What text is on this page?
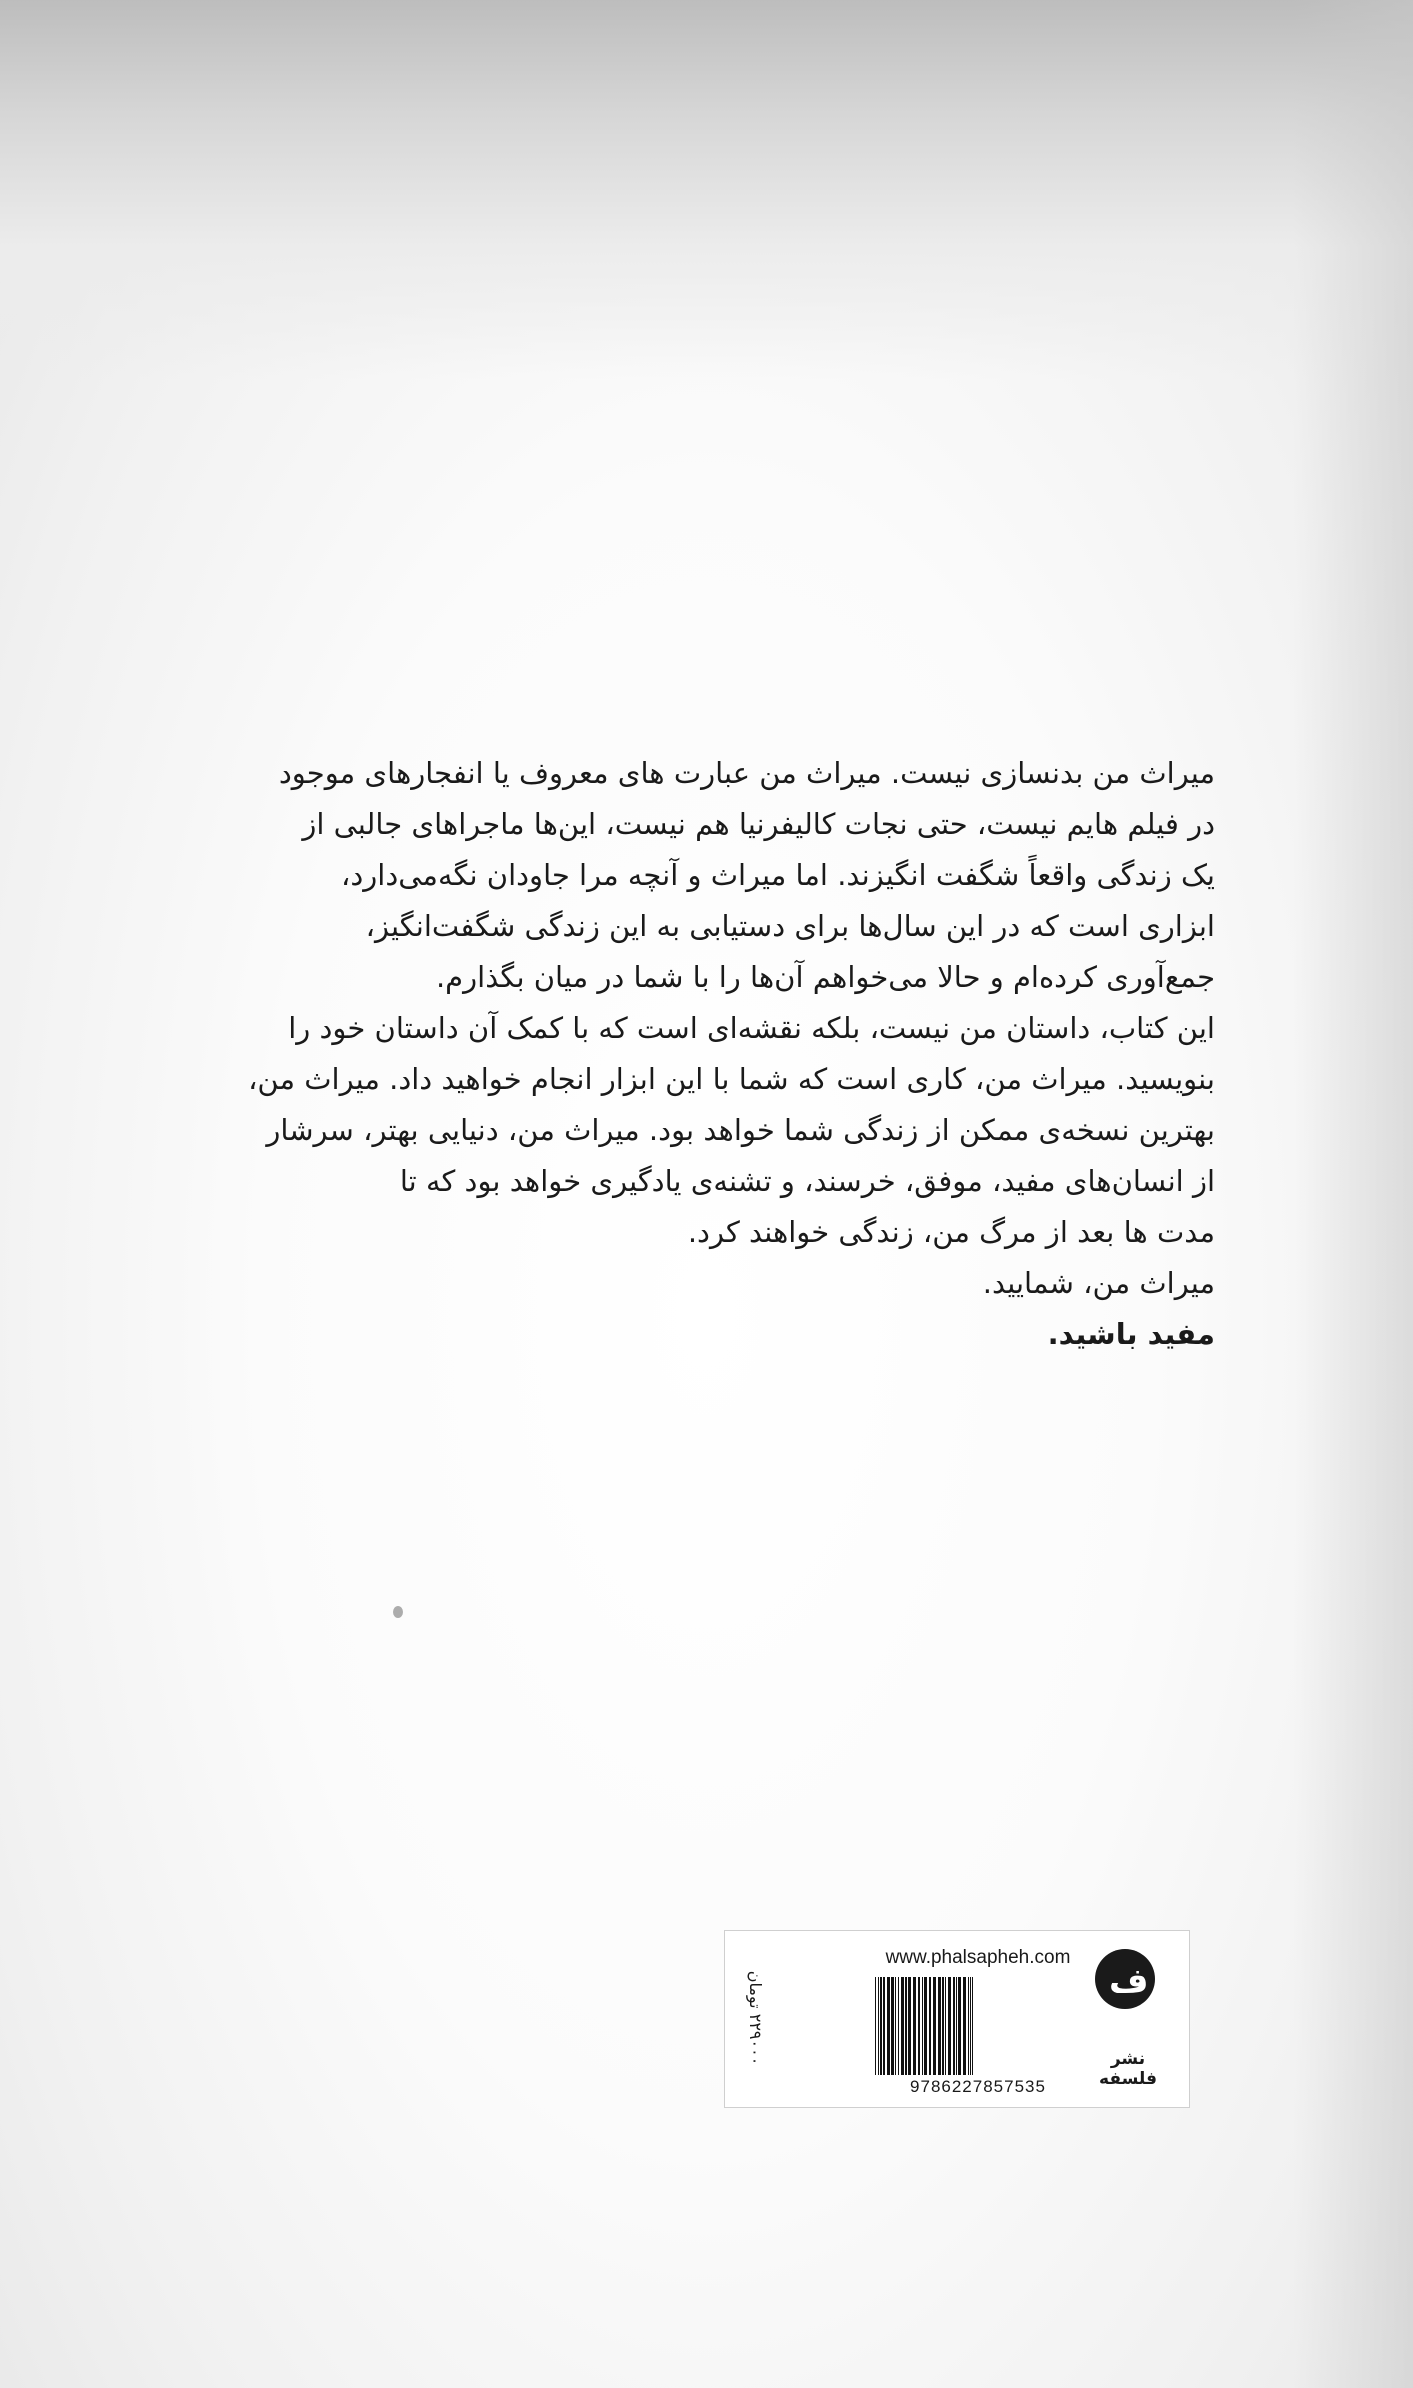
میراث من بدنسازی نیست. میراث من عبارت های معروف یا انفجارهای موجود
در فیلم هایم نیست، حتی نجات کالیفرنیا هم نیست، این‌ها ماجراهای جالبی از
یک زندگی واقعاً شگفت انگیزند. اما میراث و آنچه مرا جاودان نگه‌می‌دارد،
ابزاری است که در این سال‌ها برای دستیابی به این زندگی شگفت‌انگیز،
جمع‌آوری کرده‌ام و حالا می‌خواهم آن‌ها را با شما در میان بگذارم.
این کتاب، داستان من نیست، بلکه نقشه‌ای است که با کمک آن داستان خود را
بنویسید. میراث من، کاری است که شما با این ابزار انجام خواهید داد. میراث من،
بهترین نسخه‌ی ممکن از زندگی شما خواهد بود. میراث من، دنیایی بهتر، سرشار
از انسان‌های مفید، موفق، خرسند، و تشنه‌ی یادگیری خواهد بود که تا
مدت ها بعد از مرگ من، زندگی خواهند کرد.
میراث من، شمایید.
مفید باشید.
۲۲۹۰۰۰ تومان
www.phalsapheh.com
9786227857535
ف
نشر فلسفه
